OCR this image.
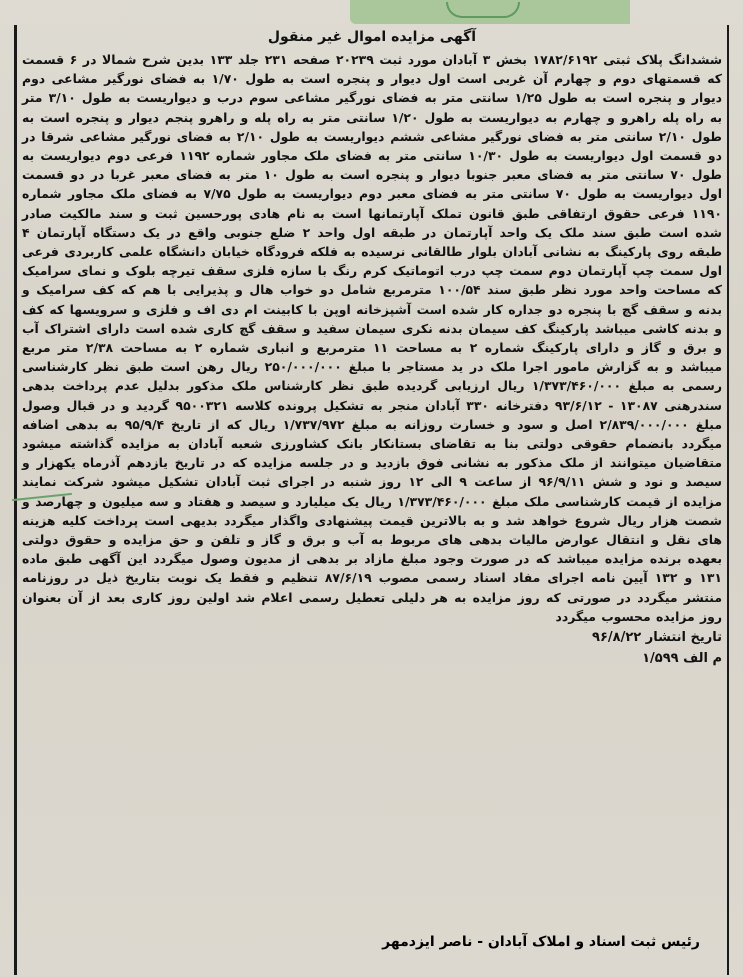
آگهی مزایده اموال غیر منقول
ششدانگ پلاک ثبتی ۱۷۸۲/۶۱۹۲ بخش ۳ آبادان مورد ثبت ۲۰۲۳۹ صفحه ۲۳۱ جلد ۱۳۳ بدین شرح شمالا در ۶ قسمت که قسمتهای دوم و چهارم آن غربی است اول دیوار و پنجره است به طول ۱/۷۰ به فضای نورگیر مشاعی دوم دیوار و پنجره است به طول ۱/۲۵ سانتی متر به فضای نورگیر مشاعی سوم درب و دیواریست به طول ۳/۱۰ متر به راه پله راهرو و چهارم به دیواریست به طول ۱/۲۰ سانتی متر به راه پله و راهرو پنجم دیوار و پنجره است به طول ۲/۱۰ سانتی متر به فضای نورگیر مشاعی ششم دیواریست به طول ۲/۱۰ به فضای نورگیر مشاعی شرقا در دو قسمت اول دیواریست به طول ۱۰/۳۰ سانتی متر به فضای ملک مجاور شماره ۱۱۹۲ فرعی دوم دیواریست به طول ۷۰ سانتی متر به فضای معبر جنوبا دیوار و پنجره است به طول ۱۰ متر به فضای معبر غربا در دو قسمت اول دیواریست به طول ۷۰ سانتی متر به فضای معبر دوم دیواریست به طول ۷/۷۵ به فضای ملک مجاور شماره ۱۱۹۰ فرعی حقوق ارتفاقی طبق قانون تملک آپارتمانها است به نام هادی پورحسین ثبت و سند مالکیت صادر شده است طبق سند ملک یک واحد آپارتمان در طبقه اول واحد ۲ ضلع جنوبی واقع در یک دستگاه آپارتمان ۴ طبقه روی پارکینگ به نشانی آبادان بلوار طالقانی نرسیده به فلکه فرودگاه خیابان دانشگاه علمی کاربردی فرعی اول سمت چپ آپارتمان دوم سمت چپ درب اتوماتیک کرم رنگ با سازه فلزی سقف تیرچه بلوک و نمای سرامیک که مساحت واحد مورد نظر طبق سند ۱۰۰/۵۴ مترمربع شامل دو خواب هال و پذیرایی با هم که کف سرامیک و بدنه و سقف گچ با پنجره دو جداره کار شده است آشپزخانه اوپن با کابینت ام دی اف و فلزی و سرویسها که کف و بدنه کاشی میباشد پارکینگ کف سیمان بدنه نکری سیمان سفید و سقف گچ کاری شده است دارای اشتراک آب و برق و گاز و دارای پارکینگ شماره ۲ به مساحت ۱۱ مترمربع و انباری شماره ۲ به مساحت ۲/۳۸ متر مربع میباشد و به گزارش مامور اجرا ملک در ید مستاجر با مبلغ ۲۵۰/۰۰۰/۰۰۰ ریال رهن است طبق نظر کارشناسی رسمی به مبلغ ۱/۳۷۳/۴۶۰/۰۰۰ ریال ارزیابی گردیده طبق نظر کارشناس ملک مذکور بدلیل عدم پرداخت بدهی سندرهنی ۱۳۰۸۷ - ۹۳/۶/۱۲ دفترخانه ۳۳۰ آبادان منجر به تشکیل پرونده کلاسه ۹۵۰۰۳۲۱ گردید و در قبال وصول مبلغ ۲/۸۳۹/۰۰۰/۰۰۰ اصل و سود و خسارت روزانه به مبلغ ۱/۷۳۷/۹۷۲ ریال که از تاریخ ۹۵/۹/۴ به بدهی اضافه میگردد بانضمام حقوقی دولتی بنا به تقاضای بستانکار بانک کشاورزی شعبه آبادان به مزایده گذاشته میشود متقاضیان میتوانند از ملک مذکور به نشانی فوق بازدید و در جلسه مزایده که در تاریخ یازدهم آذرماه یکهزار و سیصد و نود و شش ۹۶/۹/۱۱ از ساعت ۹ الی ۱۲ روز شنبه در اجرای ثبت آبادان تشکیل میشود شرکت نمایند مزایده از قیمت کارشناسی ملک مبلغ ۱/۳۷۳/۴۶۰/۰۰۰ ریال یک میلیارد و سیصد و هفتاد و سه میلیون و چهارصد و شصت هزار ریال شروع خواهد شد و به بالاترین قیمت پیشنهادی واگذار میگردد بدیهی است پرداخت کلیه هزینه های نقل و انتقال عوارض مالیات بدهی های مربوط به آب و برق و گاز و تلفن و حق مزایده و حقوق دولتی بعهده برنده مزایده میباشد که در صورت وجود مبلغ مازاد بر بدهی از مدیون وصول میگردد این آگهی طبق ماده ۱۳۱ و ۱۳۲ آیین نامه اجرای مفاد اسناد رسمی مصوب ۸۷/۶/۱۹ تنظیم و فقط یک نوبت بتاریخ ذیل در روزنامه منتشر میگردد در صورتی که روز مزایده به هر دلیلی تعطیل رسمی اعلام شد اولین روز کاری بعد از آن بعنوان روز مزایده محسوب میگردد
تاریخ انتشار ۹۶/۸/۲۲
م الف ۱/۵۹۹
رئیس ثبت اسناد و املاک آبادان - ناصر ایزدمهر
